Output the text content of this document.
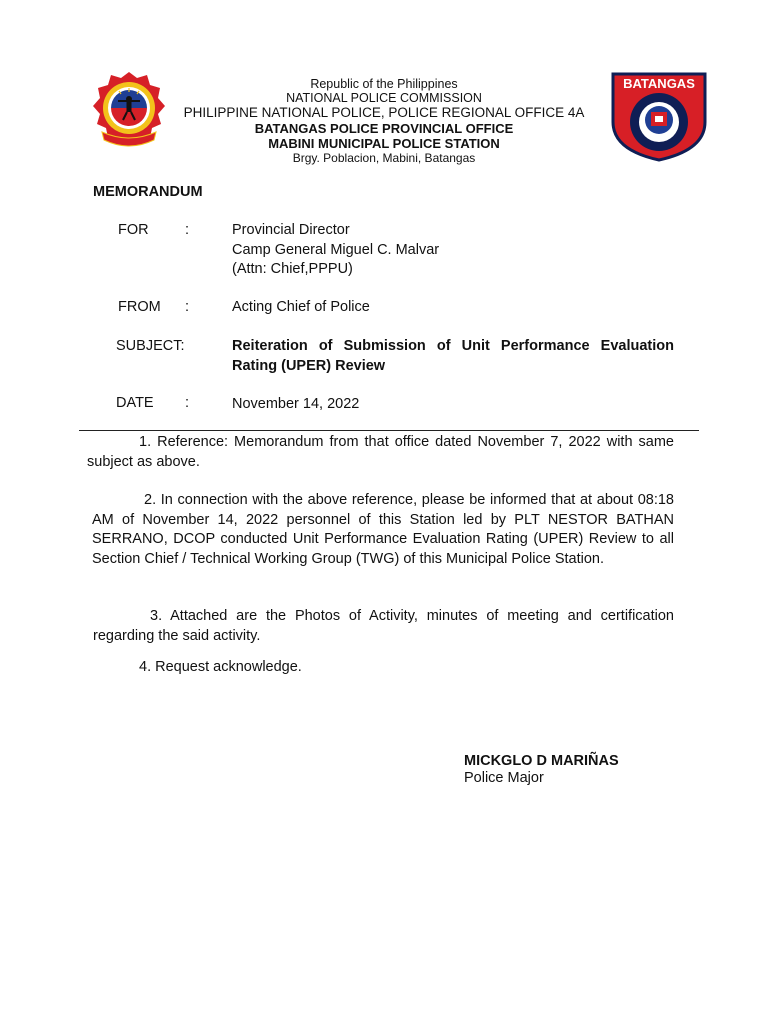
Republic of the Philippines
NATIONAL POLICE COMMISSION
PHILIPPINE NATIONAL POLICE, POLICE REGIONAL OFFICE 4A
BATANGAS POLICE PROVINCIAL OFFICE
MABINI MUNICIPAL POLICE STATION
Brgy. Poblacion, Mabini, Batangas
BATANGAS
PRO 4A
MEMORANDUM
FOR	:	Provincial Director
Camp General Miguel C. Malvar
(Attn: Chief,PPPU)
FROM :	Acting Chief of Police
SUBJECT:	Reiteration of Submission of Unit Performance Evaluation Rating (UPER) Review
DATE :	November 14, 2022
1. Reference: Memorandum from that office dated November 7, 2022 with same subject as above.
2. In connection with the above reference, please be informed that at about 08:18 AM of November 14, 2022 personnel of this Station led by PLT NESTOR BATHAN SERRANO, DCOP conducted Unit Performance Evaluation Rating (UPER) Review to all Section Chief / Technical Working Group (TWG) of this Municipal Police Station.
3. Attached are the Photos of Activity, minutes of meeting and certification regarding the said activity.
4. Request acknowledge.
MICKGLO D MARIÑAS
Police Major
